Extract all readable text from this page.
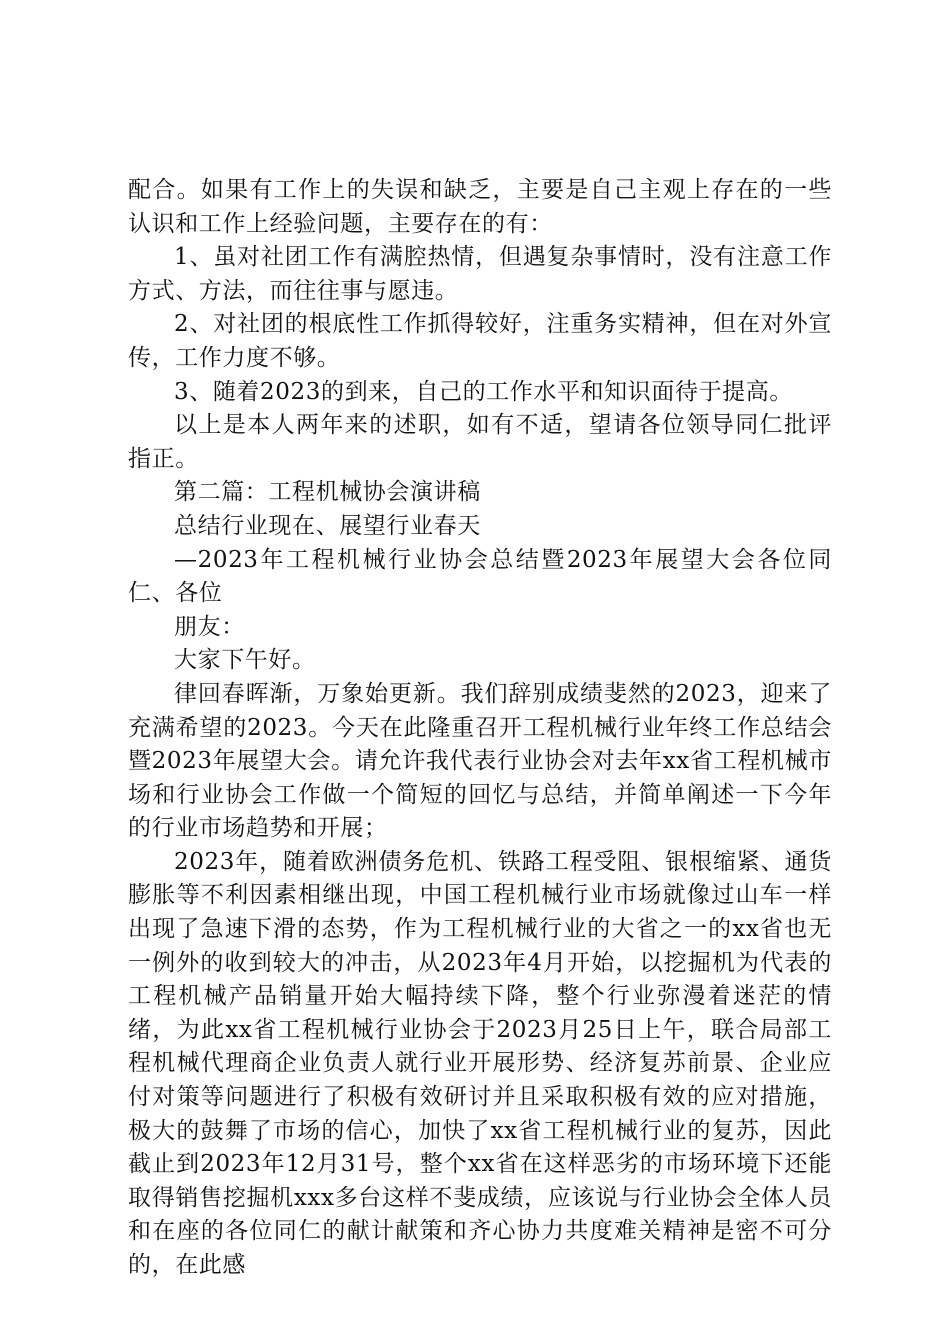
配合。如果有工作上的失误和缺乏，主要是自己主观上存在的一些认识和工作上经验问题，主要存在的有：

1、虽对社团工作有满腔热情，但遇复杂事情时，没有注意工作方式、方法，而往往事与愿违。

2、对社团的根底性工作抓得较好，注重务实精神，但在对外宣传，工作力度不够。

3、随着2023的到来，自己的工作水平和知识面待于提高。

以上是本人两年来的述职，如有不适，望请各位领导同仁批评指正。

第二篇：工程机械协会演讲稿

总结行业现在、展望行业春天

—2023年工程机械行业协会总结暨2023年展望大会各位同仁、各位

朋友：

大家下午好。

律回春晖渐，万象始更新。我们辞别成绩斐然的2023，迎来了充满希望的2023。今天在此隆重召开工程机械行业年终工作总结会暨2023年展望大会。请允许我代表行业协会对去年xx省工程机械市场和行业协会工作做一个简短的回忆与总结，并简单阐述一下今年的行业市场趋势和开展；

2023年，随着欧洲债务危机、铁路工程受阻、银根缩紧、通货膨胀等不利因素相继出现，中国工程机械行业市场就像过山车一样出现了急速下滑的态势，作为工程机械行业的大省之一的xx省也无一例外的收到较大的冲击，从2023年4月开始，以挖掘机为代表的工程机械产品销量开始大幅持续下降，整个行业弥漫着迷茫的情绪，为此xx省工程机械行业协会于2023月25日上午，联合局部工程机械代理商企业负责人就行业开展形势、经济复苏前景、企业应付对策等问题进行了积极有效研讨并且采取积极有效的应对措施，极大的鼓舞了市场的信心，加快了xx省工程机械行业的复苏，因此截止到2023年12月31号，整个xx省在这样恶劣的市场环境下还能取得销售挖掘机xxx多台这样不斐成绩，应该说与行业协会全体人员和在座的各位同仁的献计献策和齐心协力共度难关精神是密不可分的，在此感
